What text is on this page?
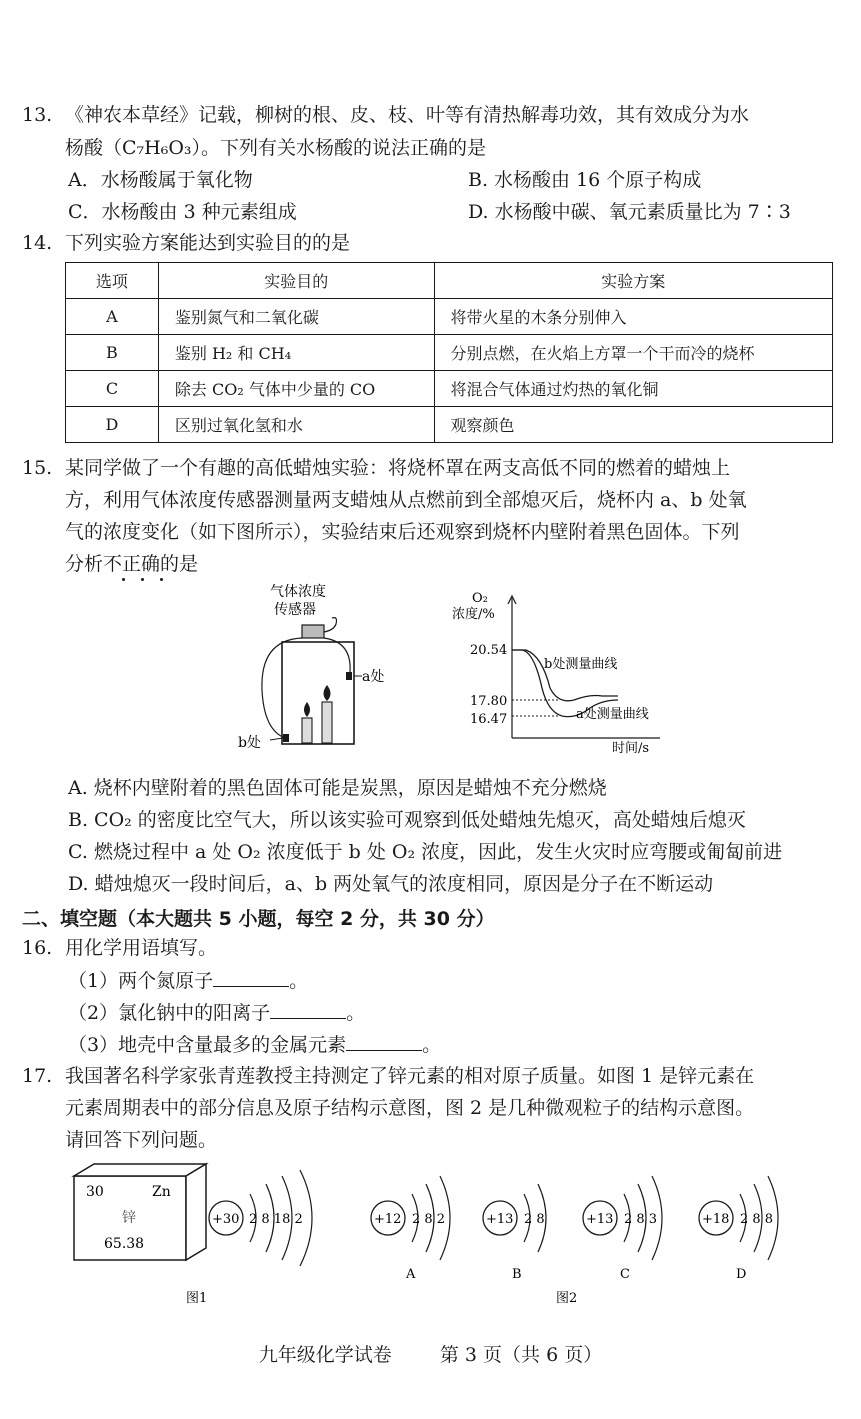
13. 《神农本草经》记载，柳树的根、皮、枝、叶等有清热解毒功效，其有效成分为水
杨酸（C₇H₆O₃）。下列有关水杨酸的说法正确的是
A．水杨酸属于氧化物	B. 水杨酸由 16 个原子构成
C．水杨酸由 3 种元素组成	D. 水杨酸中碳、氧元素质量比为 7∶3
14. 下列实验方案能达到实验目的的是
选项	实验目的	实验方案
A	鉴别氮气和二氧化碳	将带火星的木条分别伸入
B	鉴别 H₂ 和 CH₄	分别点燃，在火焰上方罩一个干而冷的烧杯
C	除去 CO₂ 气体中少量的 CO	将混合气体通过灼热的氧化铜
D	区别过氧化氢和水	观察颜色
15. 某同学做了一个有趣的高低蜡烛实验：将烧杯罩在两支高低不同的燃着的蜡烛上
方，利用气体浓度传感器测量两支蜡烛从点燃前到全部熄灭后，烧杯内 a、b 处氧
气的浓度变化（如下图所示），实验结束后还观察到烧杯内壁附着黑色固体。下列
分析不正确的是
气体浓度
传感器
a处
b处
O₂
浓度/%
时间/s
20.54
17.80
16.47
b处测量曲线
a处测量曲线
A. 烧杯内壁附着的黑色固体可能是炭黑，原因是蜡烛不充分燃烧
B. CO₂ 的密度比空气大，所以该实验可观察到低处蜡烛先熄灭，高处蜡烛后熄灭
C. 燃烧过程中 a 处 O₂ 浓度低于 b 处 O₂ 浓度，因此，发生火灾时应弯腰或匍匐前进
D. 蜡烛熄灭一段时间后，a、b 两处氧气的浓度相同，原因是分子在不断运动
二、填空题（本大题共 5 小题，每空 2 分，共 30 分）
16. 用化学用语填写。
（1）两个氮原子	。
（2）氯化钠中的阳离子	。
（3）地壳中含量最多的金属元素	。
17. 我国著名科学家张青莲教授主持测定了锌元素的相对原子质量。如图 1 是锌元素在
元素周期表中的部分信息及原子结构示意图，图 2 是几种微观粒子的结构示意图。
请回答下列问题。
30	Zn
锌
65.38
+30 2 8 18 2
图1
+12 2 8 2
A
+13 2 8
B
+13 2 8 3
C
+18 2 8 8
D
图2
九年级化学试卷	第 3 页（共 6 页）
